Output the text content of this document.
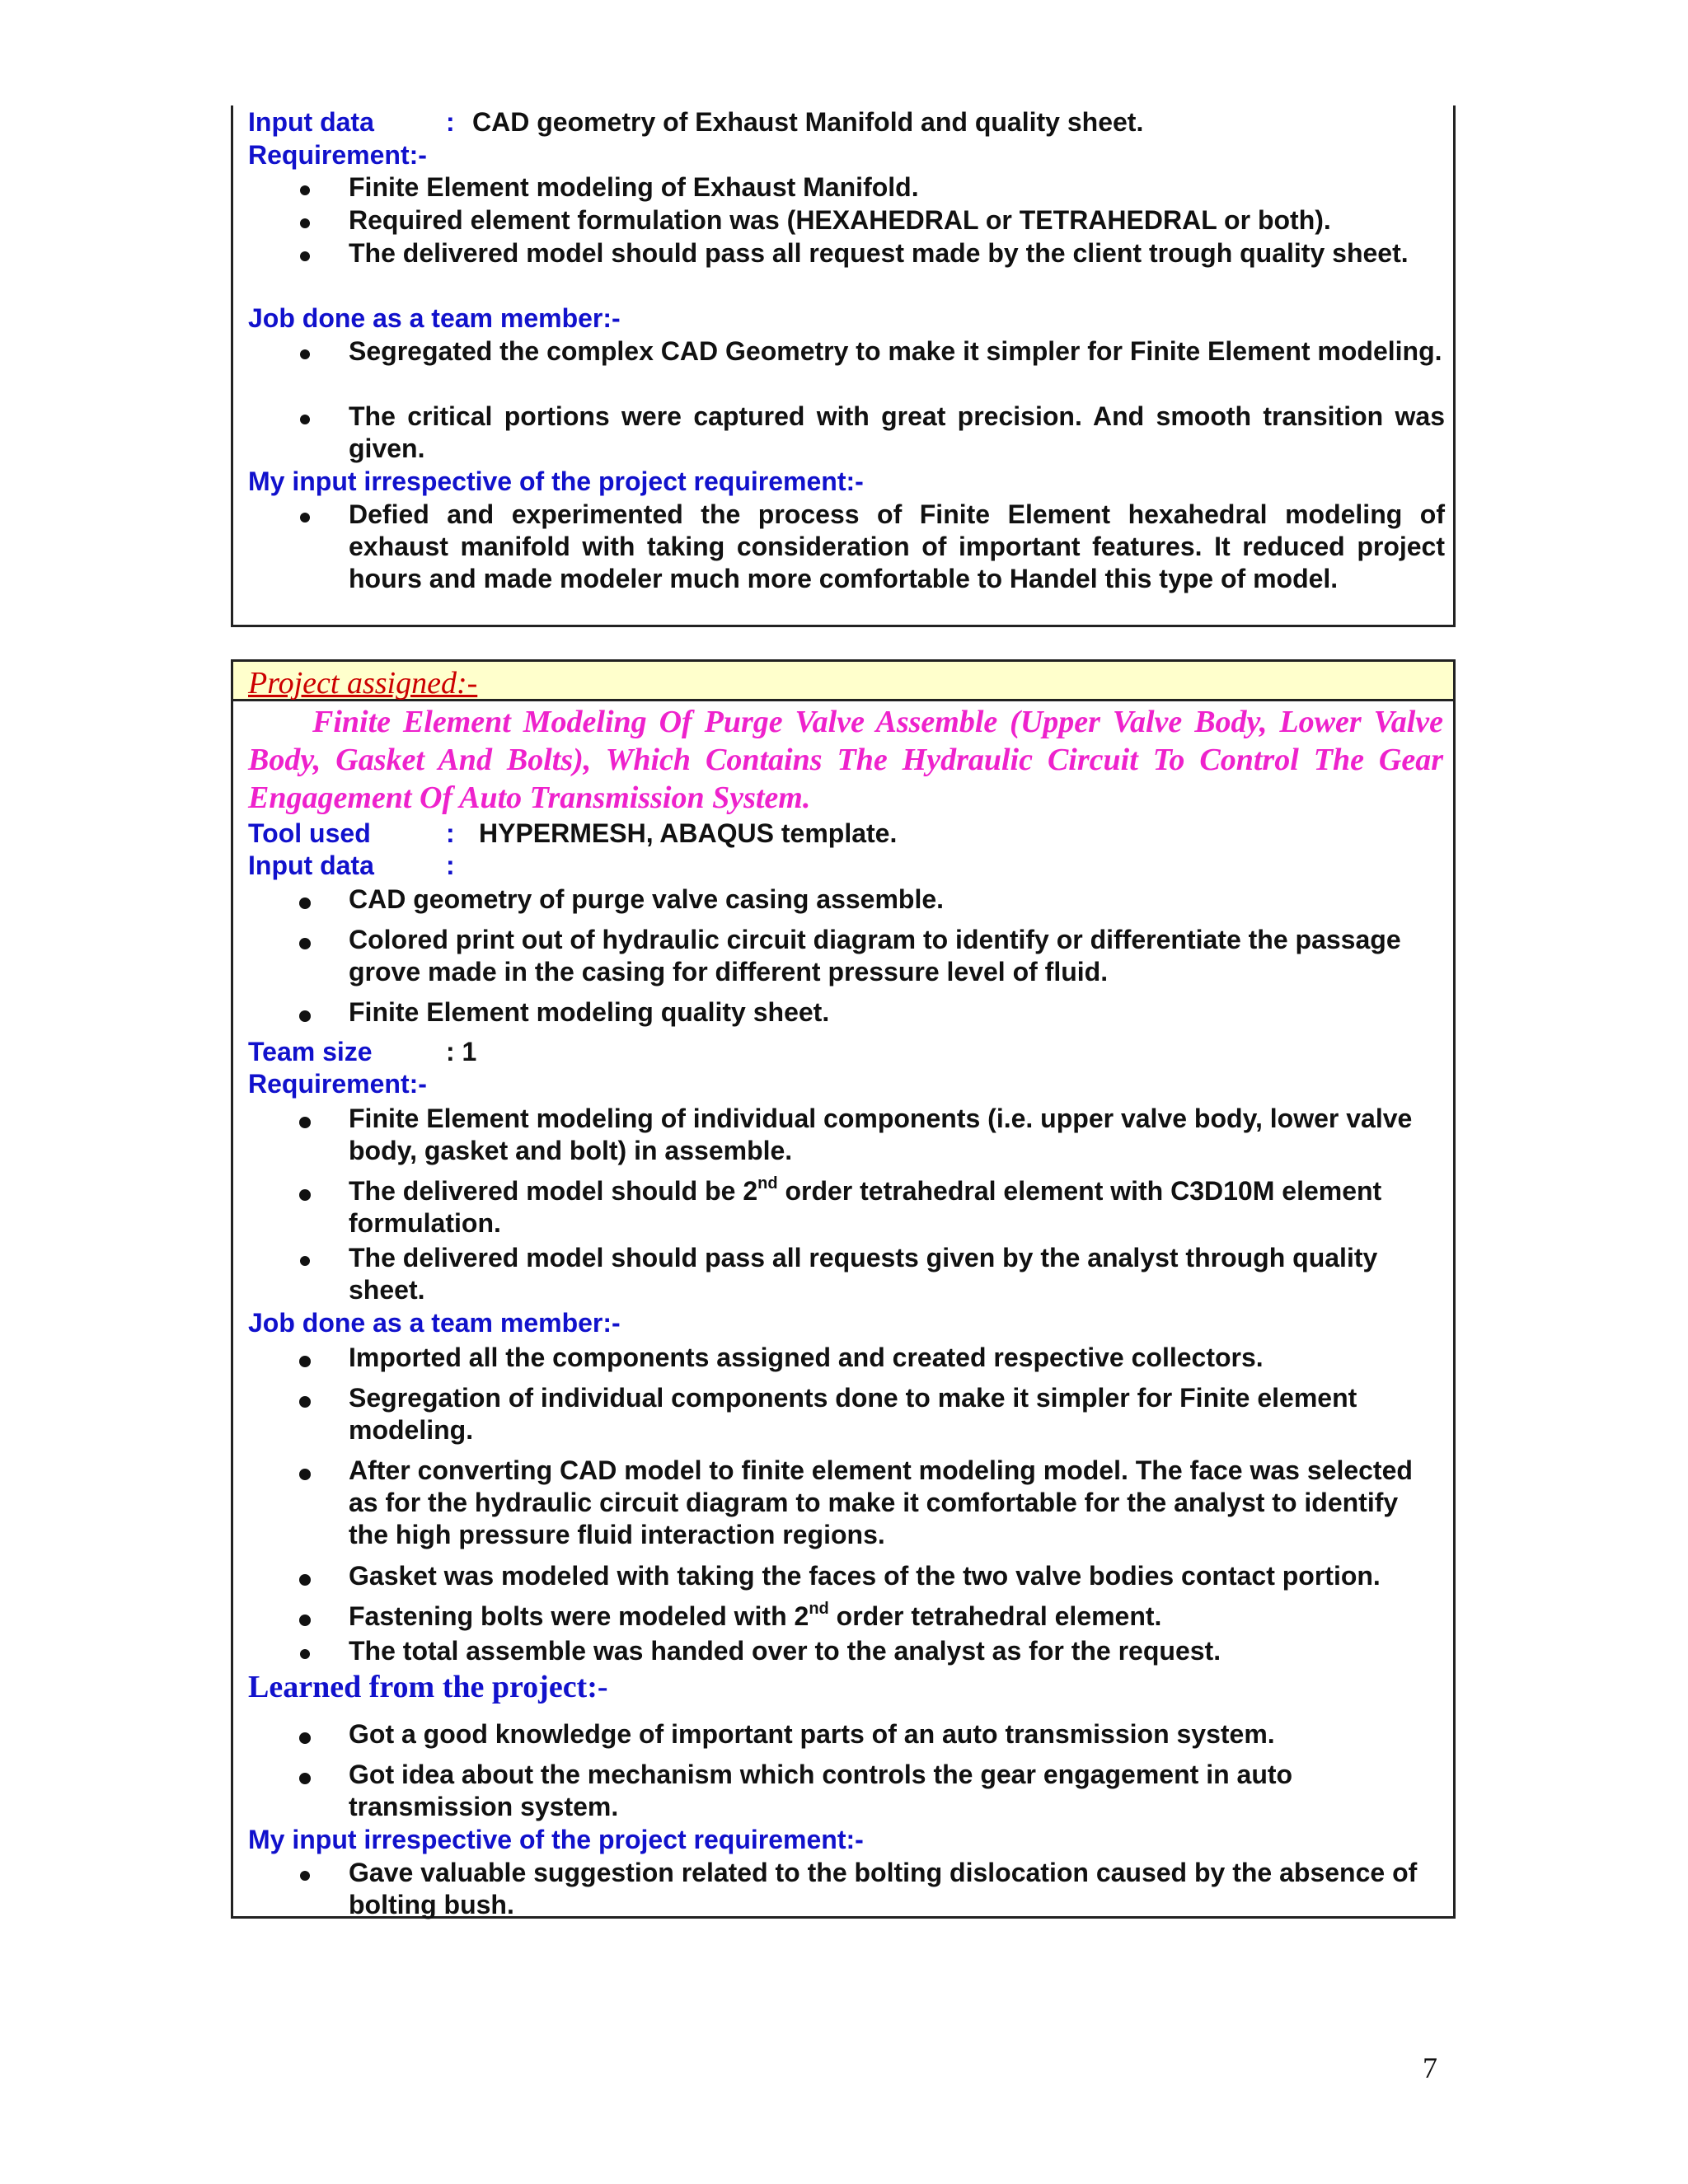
Input data	: CAD geometry of Exhaust Manifold and quality sheet.
Requirement:-
Finite Element modeling of Exhaust Manifold.
Required element formulation was (HEXAHEDRAL or TETRAHEDRAL or both).
The delivered model should pass all request made by the client trough quality sheet.
Job done as a team member:-
Segregated the complex CAD Geometry to make it simpler for Finite Element modeling.
The critical portions were captured with great precision. And smooth transition was given.
My input irrespective of the project requirement:-
Defied and experimented the process of Finite Element hexahedral modeling of exhaust manifold with taking consideration of important features. It reduced project hours and made modeler much more comfortable to Handel this type of model.
Project assigned:-
Finite Element Modeling Of Purge Valve Assemble (Upper Valve Body, Lower Valve Body, Gasket And Bolts), Which Contains The Hydraulic Circuit To Control The Gear Engagement Of Auto Transmission System.
Tool used	: HYPERMESH, ABAQUS template.
Input data	:
CAD geometry of purge valve casing assemble.
Colored print out of hydraulic circuit diagram to identify or differentiate the passage grove made in the casing for different pressure level of fluid.
Finite Element modeling quality sheet.
Team size	: 1
Requirement:-
Finite Element modeling of individual components (i.e. upper valve body, lower valve body, gasket and bolt) in assemble.
The delivered model should be 2nd order tetrahedral element with C3D10M element formulation.
The delivered model should pass all requests given by the analyst through quality sheet.
Job done as a team member:-
Imported all the components assigned and created respective collectors.
Segregation of individual components done to make it simpler for Finite element modeling.
After converting CAD model to finite element modeling model. The face was selected as for the hydraulic circuit diagram to make it comfortable for the analyst to identify the high pressure fluid interaction regions.
Gasket was modeled with taking the faces of the two valve bodies contact portion.
Fastening bolts were modeled with 2nd order tetrahedral element.
The total assemble was handed over to the analyst as for the request.
Learned from the project:-
Got a good knowledge of important parts of an auto transmission system.
Got idea about the mechanism which controls the gear engagement in auto transmission system.
My input irrespective of the project requirement:-
Gave valuable suggestion related to the bolting dislocation caused by the absence of bolting bush.
7
